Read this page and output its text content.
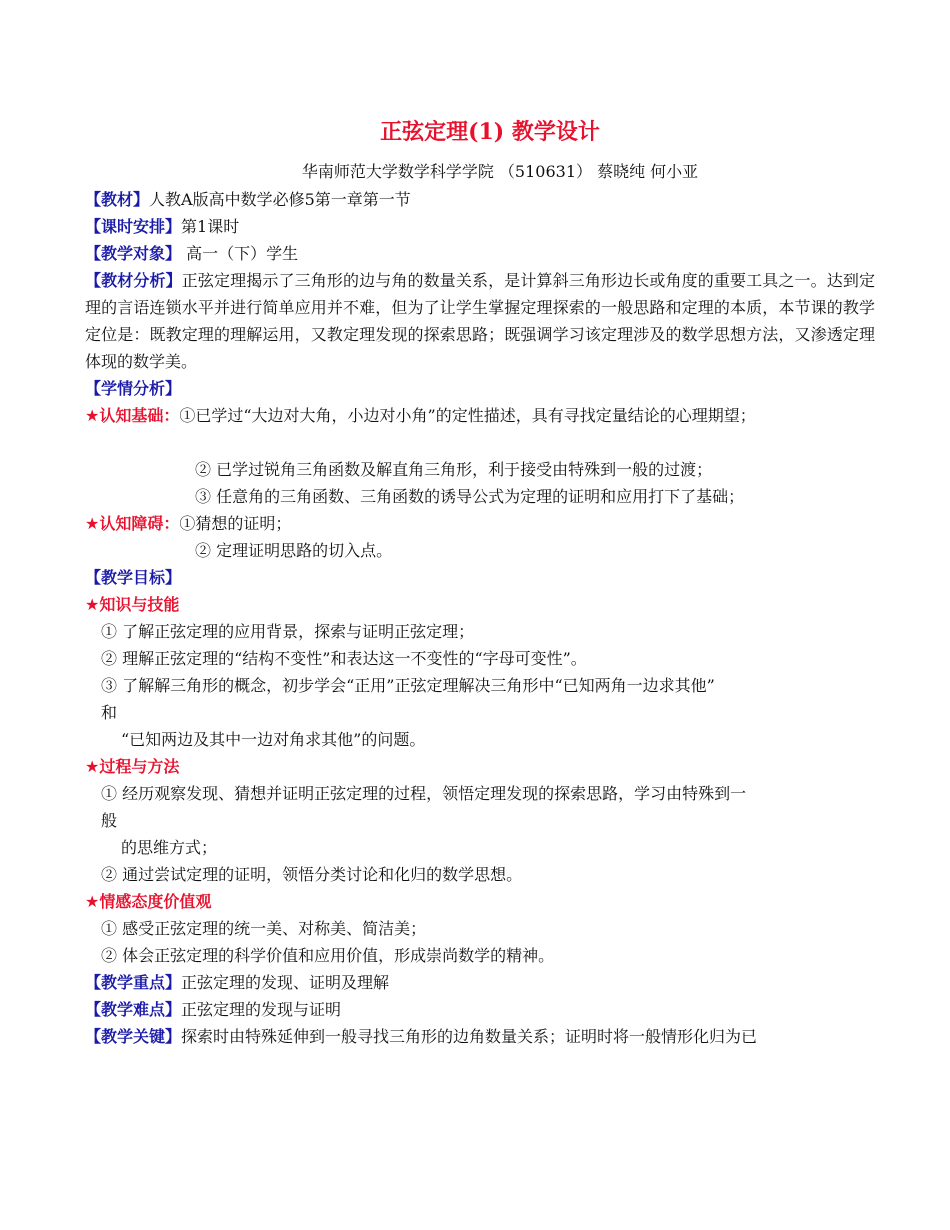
正弦定理(1) 教学设计
华南师范大学数学科学学院 （510631） 蔡晓纯 何小亚
【教材】人教A版高中数学必修5第一章第一节
【课时安排】第1课时
【教学对象】 高一（下）学生

【教材分析】正弦定理揭示了三角形的边与角的数量关系，是计算斜三角形边长或角度的重要工具之一。达到定理的言语连锁水平并进行简单应用并不难，但为了让学生掌握定理探索的一般思路和定理的本质，本节课的教学定位是：既教定理的理解运用，又教定理发现的探索思路；既强调学习该定理涉及的数学思想方法，又渗透定理体现的数学美。

【学情分析】
★认知基础：①已学过“大边对大角，小边对小角”的定性描述，具有寻找定量结论的心理期望；
② 已学过锐角三角函数及解直角三角形，利于接受由特殊到一般的过渡；
③ 任意角的三角函数、三角函数的诱导公式为定理的证明和应用打下了基础；
★认知障碍：①猜想的证明；
② 定理证明思路的切入点。
【教学目标】
★知识与技能
① 了解正弦定理的应用背景，探索与证明正弦定理；
② 理解正弦定理的“结构不变性”和表达这一不变性的“字母可变性”。
③ 了解解三角形的概念，初步学会“正用”正弦定理解决三角形中“已知两角一边求其他”
和
“已知两边及其中一边对角求其他”的问题。
★过程与方法
① 经历观察发现、猜想并证明正弦定理的过程，领悟定理发现的探索思路，学习由特殊到一
般
的思维方式；
② 通过尝试定理的证明，领悟分类讨论和化归的数学思想。
★情感态度价值观
① 感受正弦定理的统一美、对称美、简洁美；
② 体会正弦定理的科学价值和应用价值，形成崇尚数学的精神。
【教学重点】正弦定理的发现、证明及理解
【教学难点】正弦定理的发现与证明
【教学关键】探索时由特殊延伸到一般寻找三角形的边角数量关系；证明时将一般情形化归为已
